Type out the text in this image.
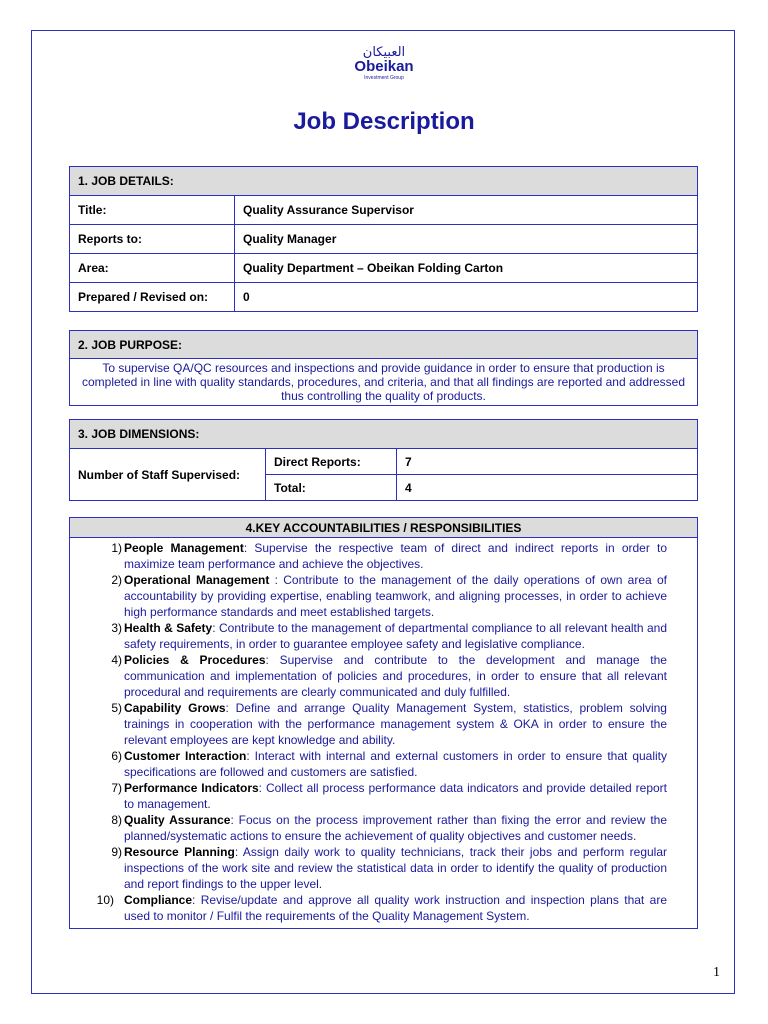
العبيكان
Obeikan
Investment Group
Job Description
1. JOB DETAILS:	
Title:	Quality Assurance Supervisor
Reports to:	Quality Manager
Area:	Quality Department – Obeikan Folding Carton
Prepared / Revised on:	0
2. JOB PURPOSE:
To supervise QA/QC resources and inspections and provide guidance in order to ensure that production is completed in line with quality standards, procedures, and criteria, and that all findings are reported and addressed thus controlling the quality of products.
3. JOB DIMENSIONS:		
Number of Staff Supervised:	Direct Reports:	7
	Total:	4
4.KEY ACCOUNTABILITIES / RESPONSIBILITIES

1) People Management: Supervise the respective team of direct and indirect reports in order to maximize team performance and achieve the objectives.
2) Operational Management : Contribute to the management of the daily operations of own area of accountability by providing expertise, enabling teamwork, and aligning processes, in order to achieve high performance standards and meet established targets.
3) Health & Safety: Contribute to the management of departmental compliance to all relevant health and safety requirements, in order to guarantee employee safety and legislative compliance.
4) Policies & Procedures: Supervise and contribute to the development and manage the communication and implementation of policies and procedures, in order to ensure that all relevant procedural and requirements are clearly communicated and duly fulfilled.
5) Capability Grows: Define and arrange Quality Management System, statistics, problem solving trainings in cooperation with the performance management system & OKA in order to ensure the relevant employees are kept knowledge and ability.
6) Customer Interaction: Interact with internal and external customers in order to ensure that quality specifications are followed and customers are satisfied.
7) Performance Indicators: Collect all process performance data indicators and provide detailed report to management.
8) Quality Assurance: Focus on the process improvement rather than fixing the error and review the planned/systematic actions to ensure the achievement of quality objectives and customer needs.
9) Resource Planning: Assign daily work to quality technicians, track their jobs and perform regular inspections of the work site and review the statistical data in order to identify the quality of production and report findings to the upper level.
10) Compliance: Revise/update and approve all quality work instruction and inspection plans that are used to monitor / Fulfil the requirements of the Quality Management System.
1
